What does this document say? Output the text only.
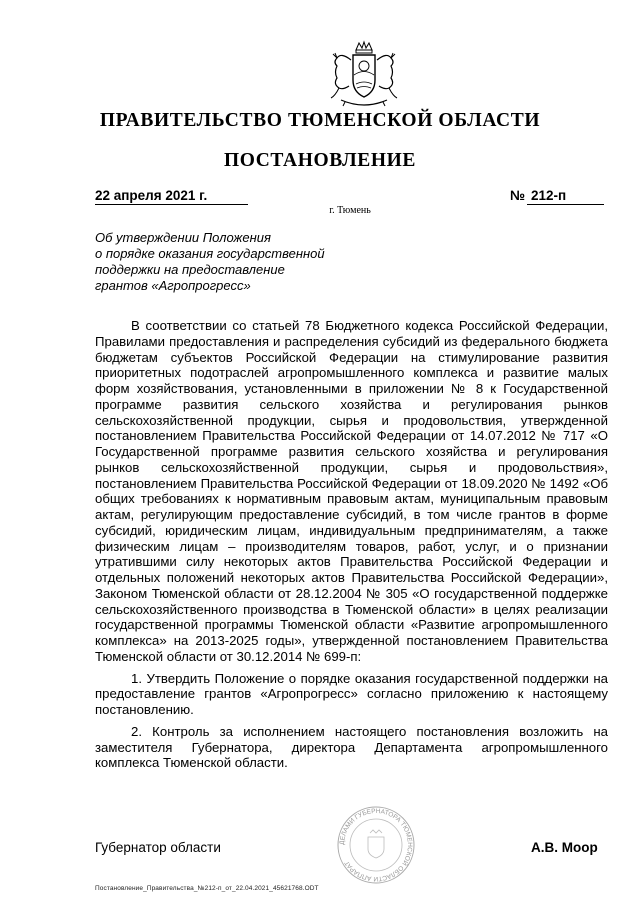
ПРАВИТЕЛЬСТВО ТЮМЕНСКОЙ ОБЛАСТИ
ПОСТАНОВЛЕНИЕ
22 апреля 2021 г.	№ 212-п
г. Тюмень
Об утверждении Положения
о порядке оказания государственной
поддержки на предоставление
грантов «Агропрогресс»

В соответствии со статьей 78 Бюджетного кодекса Российской Федерации, Правилами предоставления и распределения субсидий из федерального бюджета бюджетам субъектов Российской Федерации на стимулирование развития приоритетных подотраслей агропромышленного комплекса и развитие малых форм хозяйствования, установленными в приложении № 8 к Государственной программе развития сельского хозяйства и регулирования рынков сельскохозяйственной продукции, сырья и продовольствия, утвержденной постановлением Правительства Российской Федерации от 14.07.2012 № 717 «О Государственной программе развития сельского хозяйства и регулирования рынков сельскохозяйственной продукции, сырья и продовольствия», постановлением Правительства Российской Федерации от 18.09.2020 № 1492 «Об общих требованиях к нормативным правовым актам, муниципальным правовым актам, регулирующим предоставление субсидий, в том числе грантов в форме субсидий, юридическим лицам, индивидуальным предпринимателям, а также физическим лицам – производителям товаров, работ, услуг, и о признании утратившими силу некоторых актов Правительства Российской Федерации и отдельных положений некоторых актов Правительства Российской Федерации», Законом Тюменской области от 28.12.2004 № 305 «О государственной поддержке сельскохозяйственного производства в Тюменской области» в целях реализации государственной программы Тюменской области «Развитие агропромышленного комплекса» на 2013-2025 годы», утвержденной постановлением Правительства Тюменской области от 30.12.2014 № 699-п:

1. Утвердить Положение о порядке оказания государственной поддержки на предоставление грантов «Агропрогресс» согласно приложению к настоящему постановлению.

2. Контроль за исполнением настоящего постановления возложить на заместителя Губернатора, директора Департамента агропромышленного комплекса Тюменской области.

ДЕЛАМИ ГУБЕРНАТОРА ТЮМЕНСКОЙ ОБЛАСТИ АППАРАТ
Губернатор области	А.В. Моор
Постановление_Правительства_№212-п_от_22.04.2021_45621768.ODT
